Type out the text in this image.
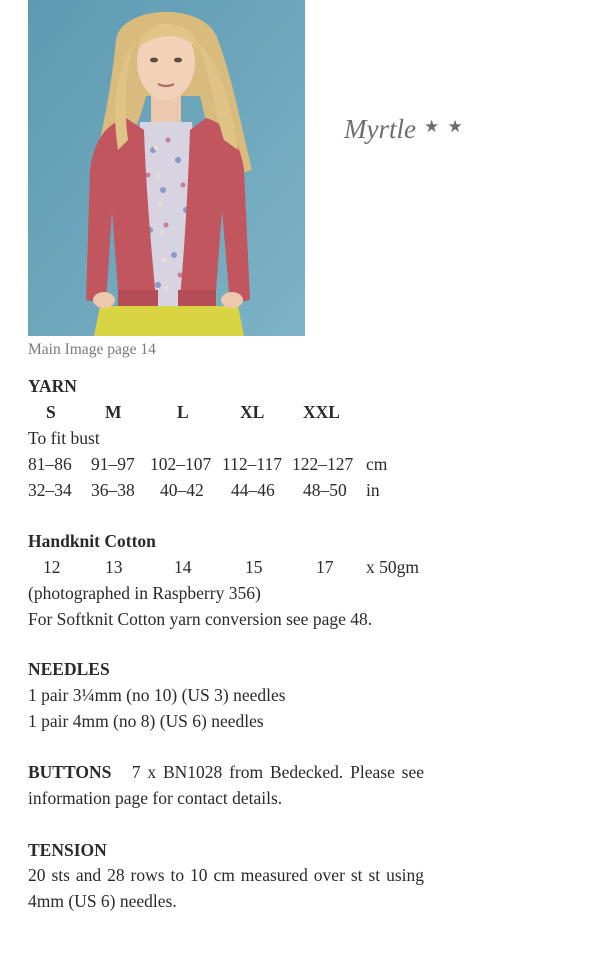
Myrtle ★ ★
Main Image page 14
YARN
S	M	L	XL XXL
To fit bust
81–86 91–97 102–107 112–117 122–127 cm
32–34 36–38 40–42 44–46 48–50 in
Handknit Cotton
12	13	14	15	17 x 50gm
(photographed in Raspberry 356)
For Softknit Cotton yarn conversion see page 48.
NEEDLES
1 pair 3¼mm (no 10) (US 3) needles
1 pair 4mm (no 8) (US 6) needles
BUTTONS 7 x BN1028 from Bedecked. Please see information page for contact details.
TENSION
20 sts and 28 rows to 10 cm measured over st st using 4mm (US 6) needles.
